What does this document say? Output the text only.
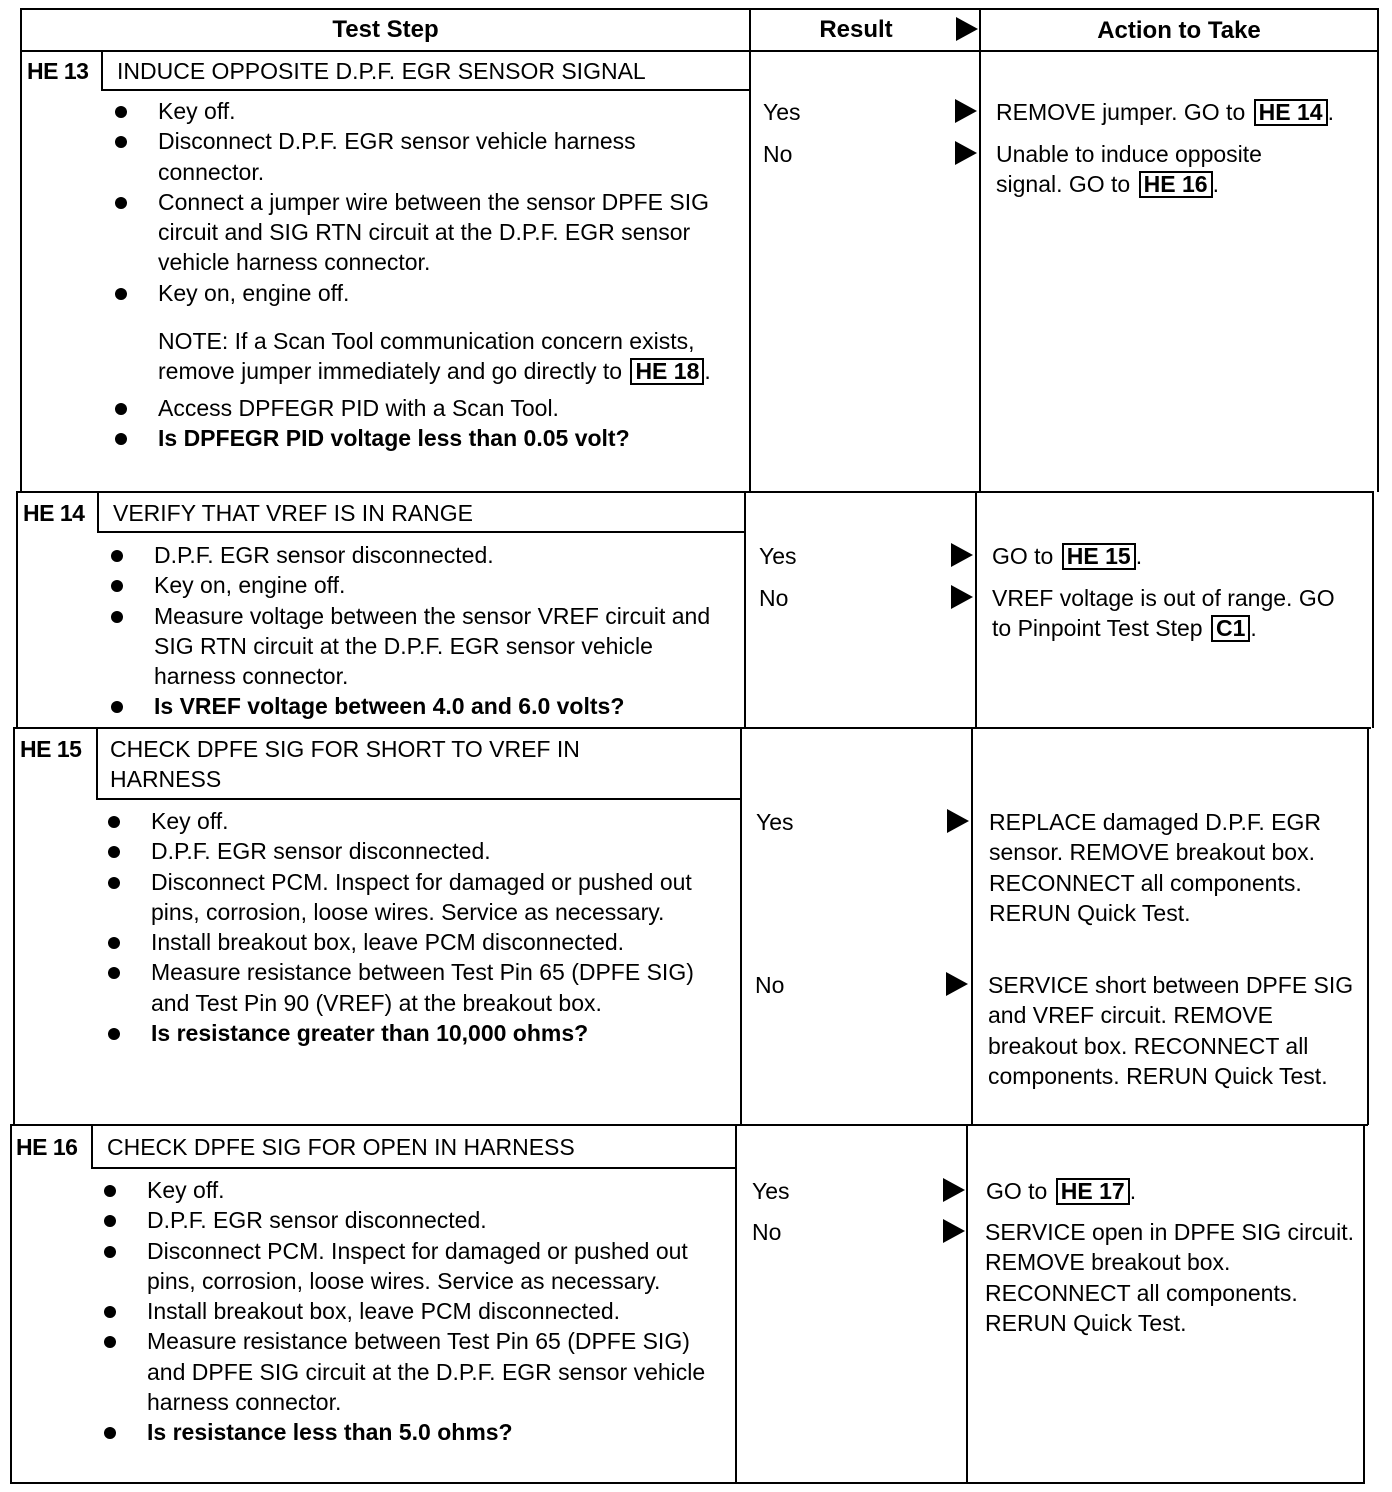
Test Step	Result	Action to Take
HE 13 INDUCE OPPOSITE D.P.F. EGR SENSOR SIGNAL
Key off.
Disconnect D.P.F. EGR sensor vehicle harness connector.
Connect a jumper wire between the sensor DPFE SIG circuit and SIG RTN circuit at the D.P.F. EGR sensor vehicle harness connector.
Key on, engine off.
NOTE: If a Scan Tool communication concern exists, remove jumper immediately and go directly to HE 18 .
Access DPFEGR PID with a Scan Tool.
Is DPFEGR PID voltage less than 0.05 volt?
Yes
No
REMOVE jumper. GO to HE 14 .
Unable to induce opposite signal. GO to HE 16 .
HE 14 VERIFY THAT VREF IS IN RANGE
D.P.F. EGR sensor disconnected.
Key on, engine off.
Measure voltage between the sensor VREF circuit and SIG RTN circuit at the D.P.F. EGR sensor vehicle harness connector.
Is VREF voltage between 4.0 and 6.0 volts?
Yes
No
GO to HE 15 .
VREF voltage is out of range. GO to Pinpoint Test Step C1 .
HE 15 CHECK DPFE SIG FOR SHORT TO VREF IN HARNESS
Key off.
D.P.F. EGR sensor disconnected.
Disconnect PCM. Inspect for damaged or pushed out pins, corrosion, loose wires. Service as necessary.
Install breakout box, leave PCM disconnected.
Measure resistance between Test Pin 65 (DPFE SIG) and Test Pin 90 (VREF) at the breakout box.
Is resistance greater than 10,000 ohms?
Yes
No
REPLACE damaged D.P.F. EGR sensor. REMOVE breakout box. RECONNECT all components. RERUN Quick Test.
SERVICE short between DPFE SIG and VREF circuit. REMOVE breakout box. RECONNECT all components. RERUN Quick Test.
HE 16 CHECK DPFE SIG FOR OPEN IN HARNESS
Key off.
D.P.F. EGR sensor disconnected.
Disconnect PCM. Inspect for damaged or pushed out pins, corrosion, loose wires. Service as necessary.
Install breakout box, leave PCM disconnected.
Measure resistance between Test Pin 65 (DPFE SIG) and DPFE SIG circuit at the D.P.F. EGR sensor vehicle harness connector.
Is resistance less than 5.0 ohms?
Yes
No
GO to HE 17 .
SERVICE open in DPFE SIG circuit. REMOVE breakout box. RECONNECT all components. RERUN Quick Test.
